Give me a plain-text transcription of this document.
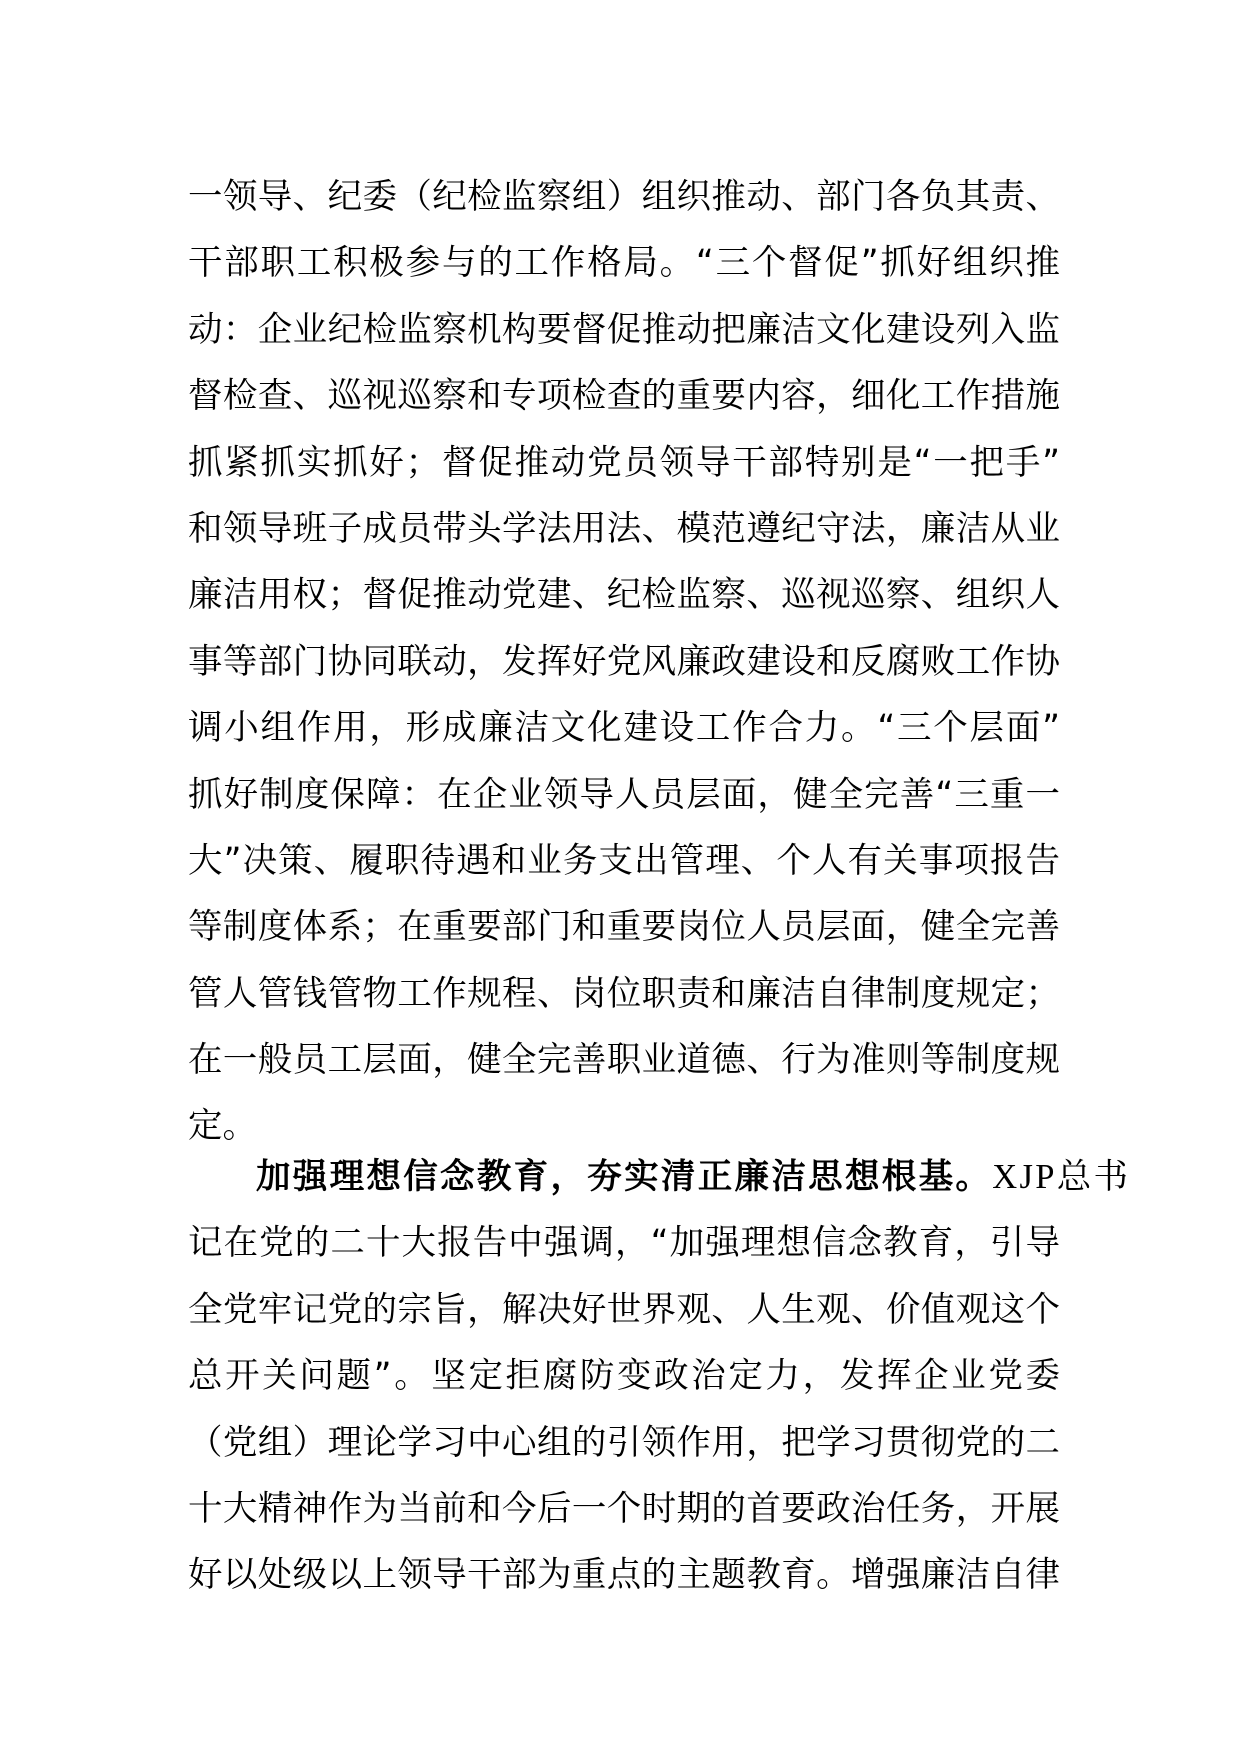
一领导、纪委（纪检监察组）组织推动、部门各负其责、
干部职工积极参与的工作格局。“三个督促”抓好组织推
动：企业纪检监察机构要督促推动把廉洁文化建设列入监
督检查、巡视巡察和专项检查的重要内容，细化工作措施
抓紧抓实抓好；督促推动党员领导干部特别是“一把手”
和领导班子成员带头学法用法、模范遵纪守法，廉洁从业
廉洁用权；督促推动党建、纪检监察、巡视巡察、组织人
事等部门协同联动，发挥好党风廉政建设和反腐败工作协
调小组作用，形成廉洁文化建设工作合力。“三个层面”
抓好制度保障：在企业领导人员层面，健全完善“三重一
大”决策、履职待遇和业务支出管理、个人有关事项报告
等制度体系；在重要部门和重要岗位人员层面，健全完善
管人管钱管物工作规程、岗位职责和廉洁自律制度规定；
在一般员工层面，健全完善职业道德、行为准则等制度规
定。
加强理想信念教育，夯实清正廉洁思想根基。XJP总书
记在党的二十大报告中强调，“加强理想信念教育，引导
全党牢记党的宗旨，解决好世界观、人生观、价值观这个
总开关问题”。坚定拒腐防变政治定力，发挥企业党委
（党组）理论学习中心组的引领作用，把学习贯彻党的二
十大精神作为当前和今后一个时期的首要政治任务，开展
好以处级以上领导干部为重点的主题教育。增强廉洁自律
